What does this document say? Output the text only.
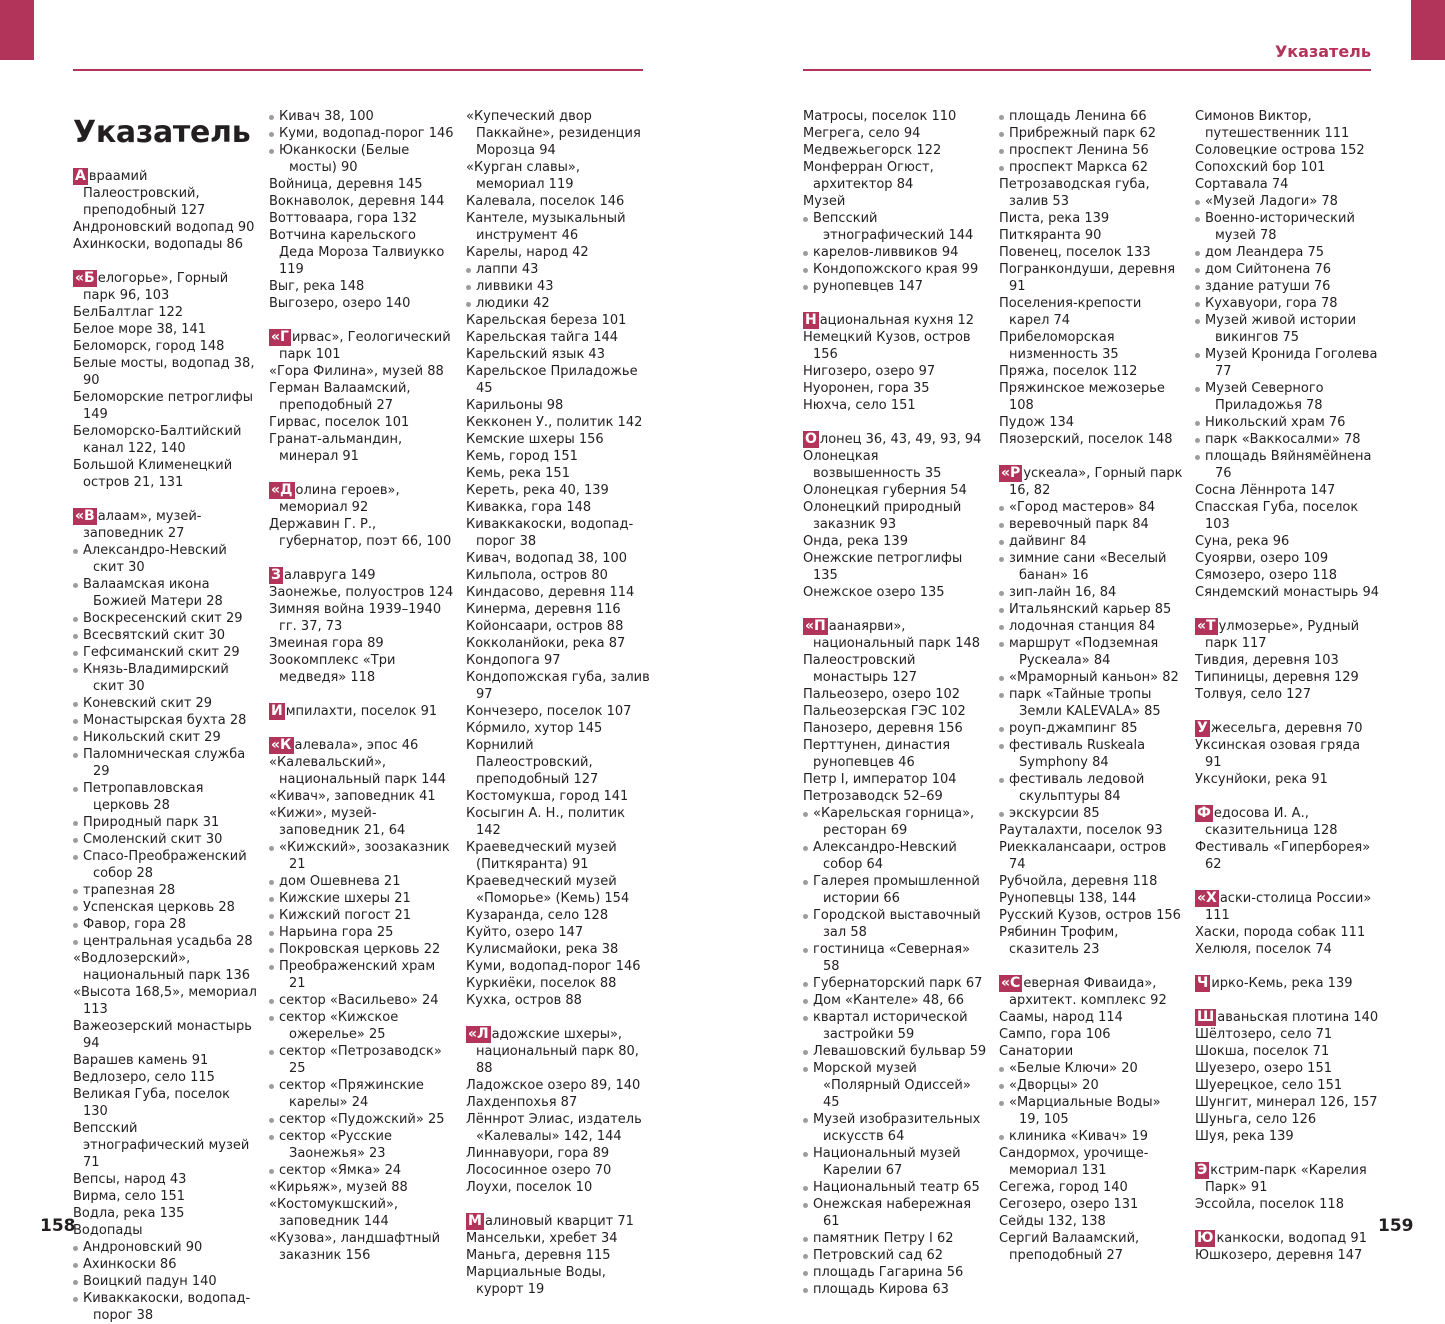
Указатель
158	159
Указатель
А враамий Палеостровский, преподобный 127
Андроновский водопад 90
Ахинкоски, водопады 86
«Б елогорье», Горный парк 96, 103
БелБалтлаг 122
Белое море 38, 141
Беломорск, город 148
Белые мосты, водопад 38, 90
Беломорские петроглифы 149
Беломорско-Балтийский канал 122, 140
Большой Клименецкий остров 21, 131
«В алаам», музей-заповедник 27
Александро-Невский скит 30
Валаамская икона Божией Матери 28
Воскресенский скит 29
Всесвятский скит 30
Гефсиманский скит 29
Князь-Владимирский скит 30
Коневский скит 29
Монастырская бухта 28
Никольский скит 29
Паломническая служба 29
Петропавловская церковь 28
Природный парк 31
Смоленский скит 30
Спасо-Преображенский собор 28
трапезная 28
Успенская церковь 28
Фавор, гора 28
центральная усадьба 28
«Водлозерский», национальный парк 136
«Высота 168,5», мемориал 113
Важеозерский монастырь 94
Варашев камень 91
Ведлозеро, село 115
Великая Губа, поселок 130
Вепсский этнографический музей 71
Вепсы, народ 43
Вирма, село 151
Водла, река 135
Водопады
Андроновский 90
Ахинкоски 86
Воицкий падун 140
Киваккакоски, водопад-порог 38
Кивач 38, 100
Куми, водопад-порог 146
Юканкоски (Белые мосты) 90
Войница, деревня 145
Вокнаволок, деревня 144
Воттоваара, гора 132
Вотчина карельского Деда Мороза Талвиукко 119
Выг, река 148
Выгозеро, озеро 140
«Г ирвас», Геологический парк 101
«Гора Филина», музей 88
Герман Валаамский, преподобный 27
Гирвас, поселок 101
Гранат-альмандин, минерал 91
«Д олина героев», мемориал 92
Державин Г. Р., губернатор, поэт 66, 100
З алавруга 149
Заонежье, полуостров 124
Зимняя война 1939–1940 гг. 37, 73
Змеиная гора 89
Зоокомплекс «Три медведя» 118
И мпилахти, поселок 91
«К алевала», эпос 46
«Калевальский», национальный парк 144
«Кивач», заповедник 41
«Кижи», музей-заповедник 21, 64
«Кижский», зоозаказник 21
дом Ошевнева 21
Кижские шхеры 21
Кижский погост 21
Нарьина гора 25
Покровская церковь 22
Преображенский храм 21
сектор «Васильево» 24
сектор «Кижское ожерелье» 25
сектор «Петрозаводск» 25
сектор «Пряжинские карелы» 24
сектор «Пудожский» 25
сектор «Русские Заонежья» 23
сектор «Ямка» 24
«Кирьяж», музей 88
«Костомукшский», заповедник 144
«Кузова», ландшафтный заказник 156
«Купеческий двор Паккайне», резиденция Морозца 94
«Курган славы», мемориал 119
Калевала, поселок 146
Кантеле, музыкальный инструмент 46
Карелы, народ 42
лаппи 43
ливвики 43
людики 42
Карельская береза 101
Карельская тайга 144
Карельский язык 43
Карельское Приладожье 45
Карильоны 98
Кекконен У., политик 142
Кемские шхеры 156
Кемь, город 151
Кемь, река 151
Кереть, река 40, 139
Кивакка, гора 148
Киваккакоски, водопад-порог 38
Кивач, водопад 38, 100
Кильпола, остров 80
Киндасово, деревня 114
Кинерма, деревня 116
Койонсаари, остров 88
Кокколанйоки, река 87
Кондопога 97
Кондопожская губа, залив 97
Кончезеро, поселок 107
Кόрмило, хутор 145
Корнилий Палеостровский, преподобный 127
Костомукша, город 141
Косыгин А. Н., политик 142
Краеведческий музей (Питкяранта) 91
Краеведческий музей «Поморье» (Кемь) 154
Кузаранда, село 128
Куйто, озеро 147
Кулисмайоки, река 38
Куми, водопад-порог 146
Куркиёки, поселок 88
Кухка, остров 88
«Л адожские шхеры», национальный парк 80, 88
Ладожское озеро 89, 140
Лахденпохья 87
Лённрот Элиас, издатель «Калевалы» 142, 144
Линнавуори, гора 89
Лососинное озеро 70
Лоухи, поселок 10
М алиновый кварцит 71
Мансельки, хребет 34
Маньга, деревня 115
Марциальные Воды, курорт 19
Матросы, поселок 110
Мегрега, село 94
Медвежьегорск 122
Монферран Огюст, архитектор 84
Музей
Вепсский этнографический 144
карелов-ливвиков 94
Кондопожского края 99
рунопевцев 147
Н ациональная кухня 12
Немецкий Кузов, остров 156
Нигозеро, озеро 97
Нуоронен, гора 35
Нюхча, село 151
О лонец 36, 43, 49, 93, 94
Олонецкая возвышенность 35
Олонецкая губерния 54
Олонецкий природный заказник 93
Онда, река 139
Онежские петроглифы 135
Онежское озеро 135
«П аанаярви», национальный парк 148
Палеостровский монастырь 127
Пальеозеро, озеро 102
Пальеозерская ГЭС 102
Панозеро, деревня 156
Перттунен, династия рунопевцев 46
Петр I, император 104
Петрозаводск 52–69
«Карельская горница», ресторан 69
Александро-Невский собор 64
Галерея промышленной истории 66
Городской выставочный зал 58
гостиница «Северная» 58
Губернаторский парк 67
Дом «Кантеле» 48, 66
квартал исторической застройки 59
Левашовский бульвар 59
Морской музей «Полярный Одиссей» 45
Музей изобразительных искусств 64
Национальный музей Карелии 67
Национальный театр 65
Онежская набережная 61
памятник Петру I 62
Петровский сад 62
площадь Гагарина 56
площадь Кирова 63
площадь Ленина 66
Прибрежный парк 62
проспект Ленина 56
проспект Маркса 62
Петрозаводская губа, залив 53
Писта, река 139
Питкяранта 90
Повенец, поселок 133
Погранкондуши, деревня 91
Поселения-крепости карел 74
Прибеломорская низменность 35
Пряжа, поселок 112
Пряжинское межозерье 108
Пудож 134
Пяозерский, поселок 148
«Р ускеала», Горный парк 16, 82
«Город мастеров» 84
веревочный парк 84
дайвинг 84
зимние сани «Веселый банан» 16
зип-лайн 16, 84
Итальянский карьер 85
лодочная станция 84
маршрут «Подземная Рускеала» 84
«Мраморный каньон» 82
парк «Тайные тропы Земли KALEVALA» 85
роуп-джампинг 85
фестиваль Ruskeala Symphony 84
фестиваль ледовой скульптуры 84
экскурсии 85
Рауталахти, поселок 93
Риеккалансаари, остров 74
Рубчойла, деревня 118
Рунопевцы 138, 144
Русский Кузов, остров 156
Рябинин Трофим, сказитель 23
«С еверная Фиваида», архитект. комплекс 92
Саамы, народ 114
Сампо, гора 106
Санатории
«Белые Ключи» 20
«Дворцы» 20
«Марциальные Воды» 19, 105
клиника «Кивач» 19
Сандормох, урочище-мемориал 131
Сегежа, город 140
Сегозеро, озеро 131
Сейды 132, 138
Сергий Валаамский, преподобный 27
Симонов Виктор, путешественник 111
Соловецкие острова 152
Сопохский бор 101
Сортавала 74
«Музей Ладоги» 78
Военно-исторический музей 78
дом Леандера 75
дом Сийтонена 76
здание ратуши 76
Кухавуори, гора 78
Музей живой истории викингов 75
Музей Кронида Гоголева 77
Музей Северного Приладожья 78
Никольский храм 76
парк «Ваккосалми» 78
площадь Вяйнямёйнена 76
Сосна Лённрота 147
Спасская Губа, поселок 103
Суна, река 96
Суоярви, озеро 109
Сямозеро, озеро 118
Сяндемский монастырь 94
«Т улмозерье», Рудный парк 117
Тивдия, деревня 103
Типиницы, деревня 129
Толвуя, село 127
У жесельга, деревня 70
Уксинская озовая гряда 91
Уксунйоки, река 91
Ф едосова И. А., сказительница 128
Фестиваль «Гиперборея» 62
«Х аски-столица России» 111
Хаски, порода собак 111
Хелюля, поселок 74
Ч ирко-Кемь, река 139
Ш аваньская плотина 140
Шёлтозеро, село 71
Шокша, поселок 71
Шуезеро, озеро 151
Шуерецкое, село 151
Шунгит, минерал 126, 157
Шуньга, село 126
Шуя, река 139
Э кстрим-парк «Карелия Парк» 91
Эссойла, поселок 118
Ю канкоски, водопад 91
Юшкозеро, деревня 147
